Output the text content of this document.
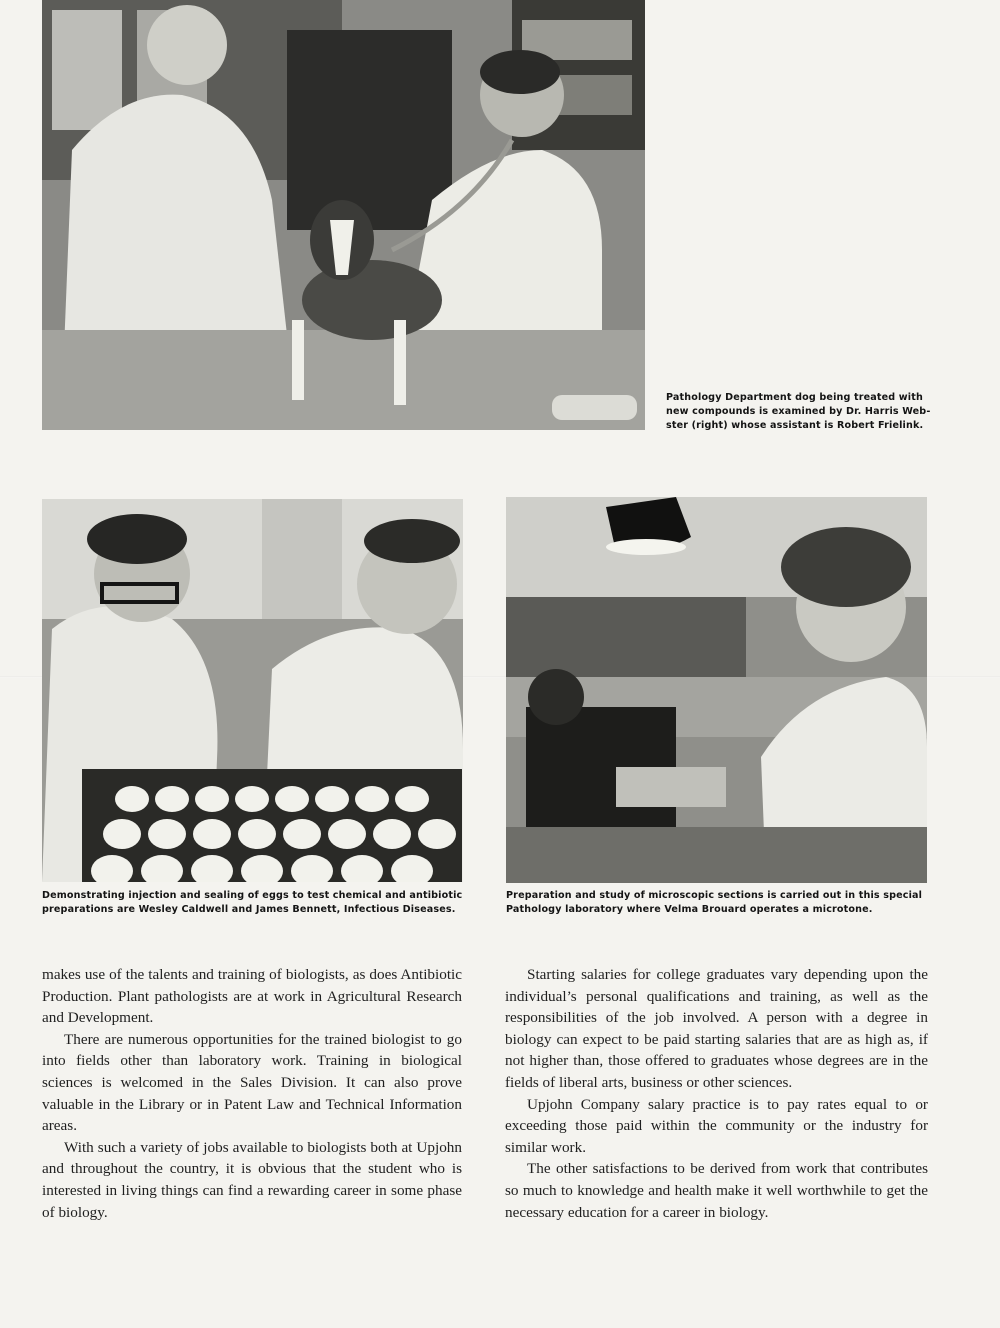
Pathology Department dog being treated with
new compounds is examined by Dr. Harris Web-
ster (right) whose assistant is Robert Frielink.

Demonstrating injection and sealing of eggs to test chemical and antibiotic
preparations are Wesley Caldwell and James Bennett, Infectious Diseases.

Preparation and study of microscopic sections is carried out in this special
Pathology laboratory where Velma Brouard operates a microtone.

makes use of the talents and training of biologists, as does Antibiotic Production. Plant pathologists are at work in Agricultural Research and Development.

There are numerous opportunities for the trained biologist to go into fields other than laboratory work. Training in biological sciences is welcomed in the Sales Division. It can also prove valuable in the Library or in Patent Law and Technical Information areas.

With such a variety of jobs available to biologists both at Upjohn and throughout the country, it is obvious that the student who is interested in living things can find a rewarding career in some phase of biology.

Starting salaries for college graduates vary depending upon the individual’s personal qualifications and training, as well as the responsibilities of the job involved. A person with a degree in biology can expect to be paid starting salaries that are as high as, if not higher than, those offered to graduates whose degrees are in the fields of liberal arts, business or other sciences.

Upjohn Company salary practice is to pay rates equal to or exceeding those paid within the community or the industry for similar work.

The other satisfactions to be derived from work that contributes so much to knowledge and health make it well worthwhile to get the necessary education for a career in biology.
